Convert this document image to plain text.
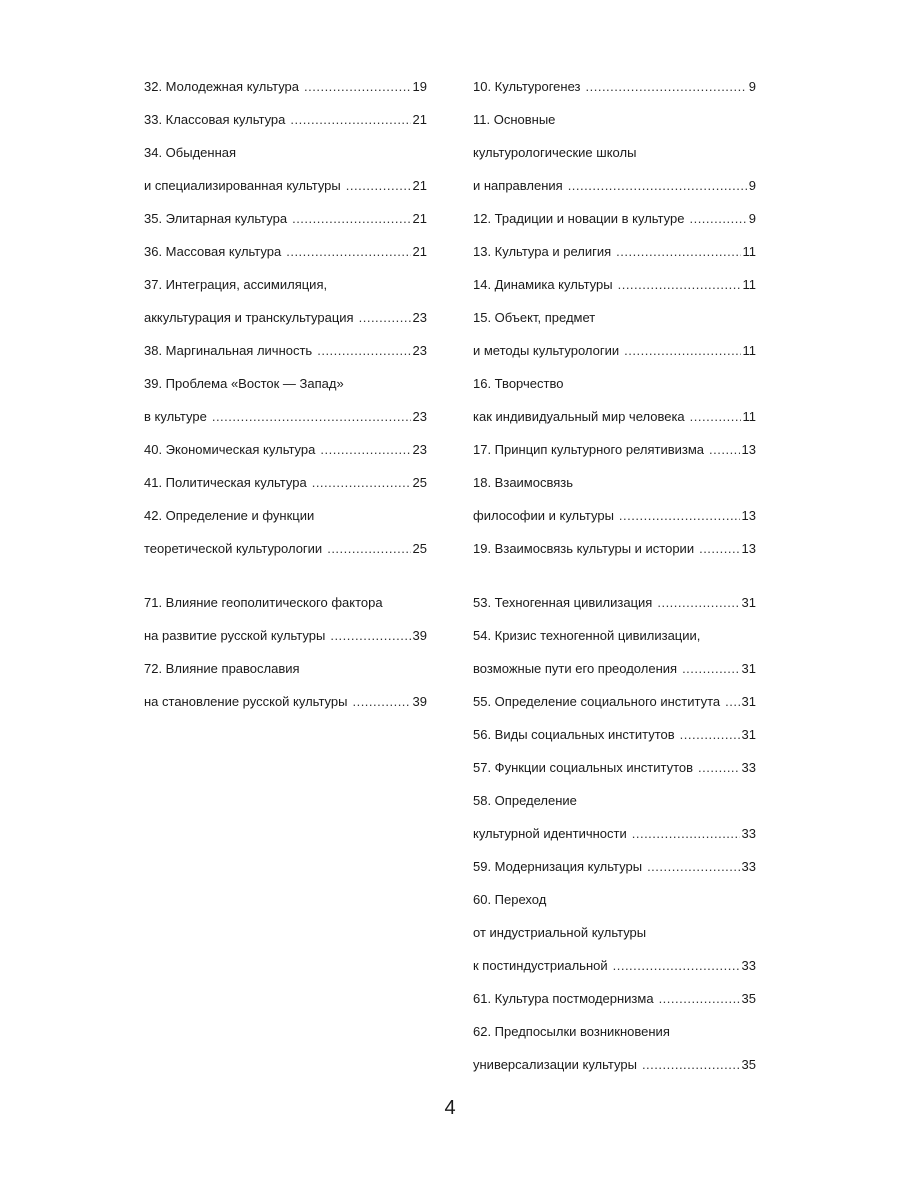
32. Молодежная культура .....	19
33. Классовая культура .....	21
34. Обыденная
и специализированная культуры .....	21
35. Элитарная культура .....	21
36. Массовая культура .....	21
37. Интеграция, ассимиляция,
аккультурация и транскультурация .....	23
38. Маргинальная личность .....	23
39. Проблема «Восток — Запад»
в культуре .....	23
40. Экономическая культура .....	23
41. Политическая культура .....	25
42. Определение и функции
теоретической культурологии .....	25
10. Культурогенез .....	9
11. Основные
культурологические школы
и направления .....	9
12. Традиции и новации в культуре .....	9
13. Культура и религия .....	11
14. Динамика культуры .....	11
15. Объект, предмет
и методы культурологии .....	11
16. Творчество
как индивидуальный мир человека .....	11
17. Принцип культурного релятивизма .....	13
18. Взаимосвязь
философии и культуры .....	13
19. Взаимосвязь культуры и истории .....	13
71. Влияние геополитического фактора
на развитие русской культуры .....	39
72. Влияние православия
на становление русской культуры .....	39
53. Техногенная цивилизация .....	31
54. Кризис техногенной цивилизации,
возможные пути его преодоления .....	31
55. Определение социального института ..... 31
56. Виды социальных институтов .....	31
57. Функции социальных институтов .....	33
58. Определение
культурной идентичности .....	33
59. Модернизация культуры .....	33
60. Переход
от индустриальной культуры
к постиндустриальной .....	33
61. Культура постмодернизма .....	35
62. Предпосылки возникновения
универсализации культуры .....	35
4
